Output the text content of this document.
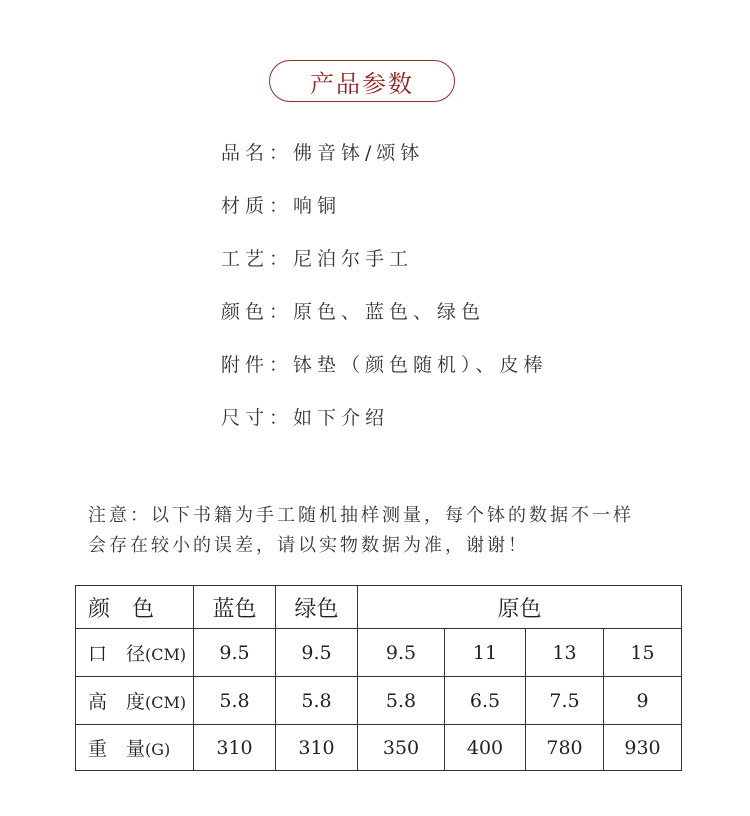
产品参数
品名：佛音钵/颂钵
材质：响铜
工艺：尼泊尔手工
颜色：原色、蓝色、绿色
附件：钵垫（颜色随机）、皮棒
尺寸：如下介绍
注意：以下书籍为手工随机抽样测量，每个钵的数据不一样
会存在较小的误差，请以实物数据为准，谢谢！
颜　色	蓝色	绿色	原色			
口　径(CM)	9.5	9.5	9.5	11	13	15
高　度(CM)	5.8	5.8	5.8	6.5	7.5	9
重　量(G)	310	310	350	400	780	930
